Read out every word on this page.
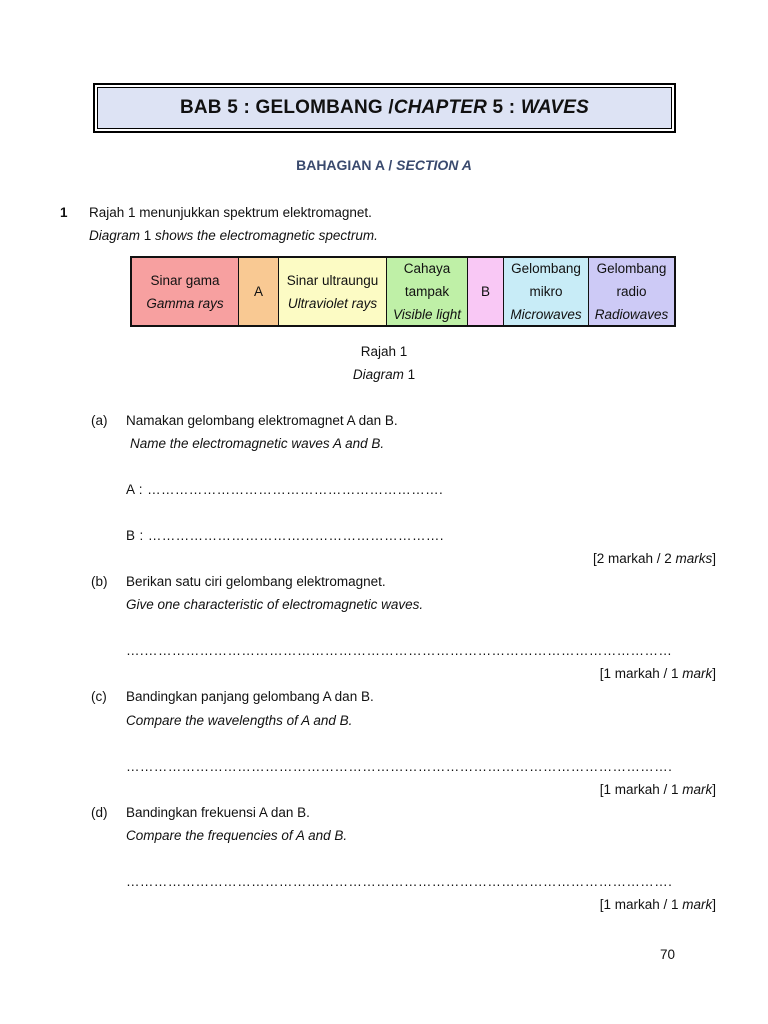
BAB 5 : GELOMBANG / CHAPTER 5 : WAVES
BAHAGIAN A / SECTION A
1 Rajah 1 menunjukkan spektrum elektromagnet.
Diagram 1 shows the electromagnetic spectrum.
Sinar gama
Gamma rays
A
Sinar ultraungu
Ultraviolet rays
Cahaya
tampak
Visible light
B
Gelombang
mikro
Microwaves
Gelombang
radio
Radiowaves
Rajah 1
Diagram 1
(a) Namakan gelombang elektromagnet A dan B.
Name the electromagnetic waves A and B.
A : ……………………………………………………….
B : ……………………………………………………….
[2 markah / 2 marks]
(b) Berikan satu ciri gelombang elektromagnet.
Give one characteristic of electromagnetic waves.
….……………………………………………………………………………………………………
[1 markah / 1 mark]
(c) Bandingkan panjang gelombang A dan B.
Compare the wavelengths of A and B.
……………………………………………………………………………………………………….
[1 markah / 1 mark]
(d) Bandingkan frekuensi A dan B.
Compare the frequencies of A and B.
……………………………………………………………………………………………………….
[1 markah / 1 mark]
70
